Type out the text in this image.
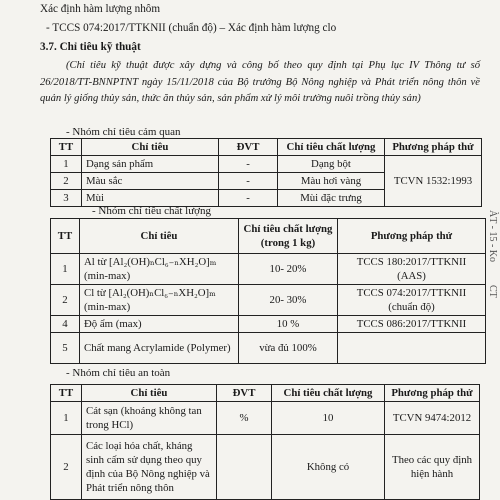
Xác định hàm lượng nhôm
- TCCS 074:2017/TTKNII (chuẩn độ) – Xác định hàm lượng clo
3.7. Chỉ tiêu kỹ thuật
(Chỉ tiêu kỹ thuật được xây dựng và công bố theo quy định tại Phụ lục IV Thông tư số 26/2018/TT-BNNPTNT ngày 15/11/2018 của Bộ trưởng Bộ Nông nghiệp và Phát triển nông thôn về quản lý giống thủy sản, thức ăn thủy sản, sản phẩm xử lý môi trường nuôi trồng thủy sản)
- Nhóm chỉ tiêu cảm quan
TT	Chỉ tiêu	ĐVT	Chỉ tiêu chất lượng	Phương pháp thử
1	Dạng sản phẩm	-	Dạng bột	TCVN 1532:1993
2	Màu sắc	-	Màu hơi vàng	
3	Mùi	-	Mùi đặc trưng	
- Nhóm chỉ tiêu chất lượng
TT	Chỉ tiêu	Chỉ tiêu chất lượng (trong 1 kg)	Phương pháp thử
1	Al từ [Al₂(OH)ₙCl₆₋ₙXH₂O]ₘ (min-max)	10- 20%	TCCS 180:2017/TTKNII (AAS)
2	Cl từ [Al₂(OH)ₙCl₆₋ₙXH₂O]ₘ (min-max)	20- 30%	TCCS 074:2017/TTKNII (chuẩn độ)
4	Độ ẩm (max)	10 %	TCCS 086:2017/TTKNII
5	Chất mang Acrylamide (Polymer)	vừa đủ 100%	
- Nhóm chỉ tiêu an toàn
TT	Chỉ tiêu	ĐVT	Chỉ tiêu chất lượng	Phương pháp thử
1	Cát sạn (khoáng không tan trong HCl)	%	10	TCVN 9474:2012
2	Các loại hóa chất, kháng sinh cấm sử dụng theo quy định của Bộ Nông nghiệp và Phát triển nông thôn		Không có	Theo các quy định hiện hành
ÀT - 15 - Ko
CT
